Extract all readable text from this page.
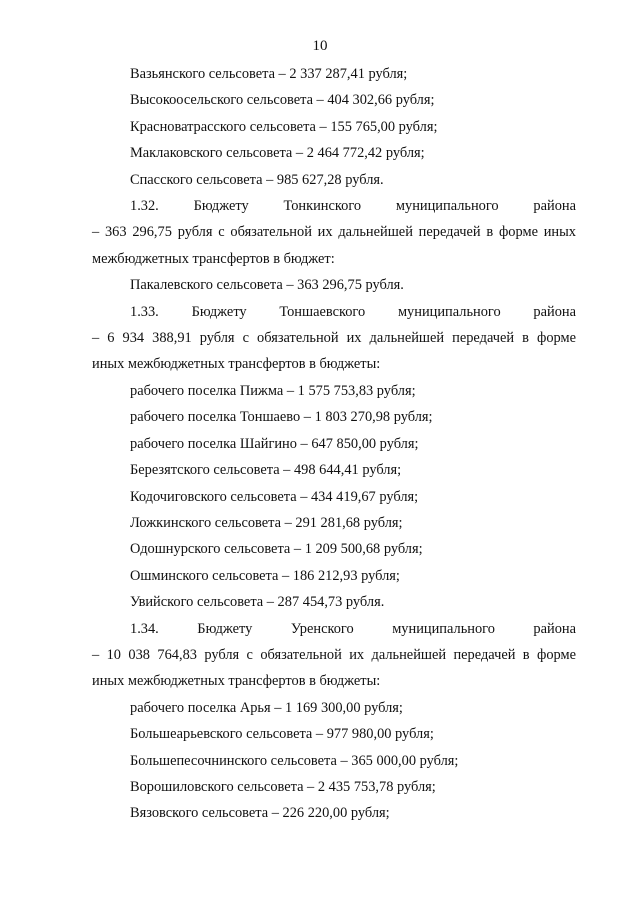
10
Вазьянского сельсовета – 2 337 287,41 рубля;
Высокоосельского сельсовета – 404 302,66 рубля;
Красноватрасского сельсовета – 155 765,00 рубля;
Маклаковского сельсовета – 2 464 772,42 рубля;
Спасского сельсовета – 985 627,28 рубля.
1.32. Бюджету Тонкинского муниципального района
– 363 296,75 рубля с обязательной их дальнейшей передачей в форме иных
межбюджетных трансфертов в бюджет:
Пакалевского сельсовета – 363 296,75 рубля.
1.33. Бюджету Тоншаевского муниципального района
– 6 934 388,91 рубля с обязательной их дальнейшей передачей в форме
иных межбюджетных трансфертов в бюджеты:
рабочего поселка Пижма – 1 575 753,83 рубля;
рабочего поселка Тоншаево – 1 803 270,98 рубля;
рабочего поселка Шайгино – 647 850,00 рубля;
Березятского сельсовета – 498 644,41 рубля;
Кодочиговского сельсовета – 434 419,67 рубля;
Ложкинского сельсовета – 291 281,68 рубля;
Одошнурского сельсовета – 1 209 500,68 рубля;
Ошминского сельсовета – 186 212,93 рубля;
Увийского сельсовета – 287 454,73 рубля.
1.34. Бюджету Уренского муниципального района
– 10 038 764,83 рубля с обязательной их дальнейшей передачей в форме
иных межбюджетных трансфертов в бюджеты:
рабочего поселка Арья – 1 169 300,00 рубля;
Большеарьевского сельсовета – 977 980,00 рубля;
Большепесочнинского сельсовета – 365 000,00 рубля;
Ворошиловского сельсовета – 2 435 753,78 рубля;
Вязовского сельсовета – 226 220,00 рубля;
